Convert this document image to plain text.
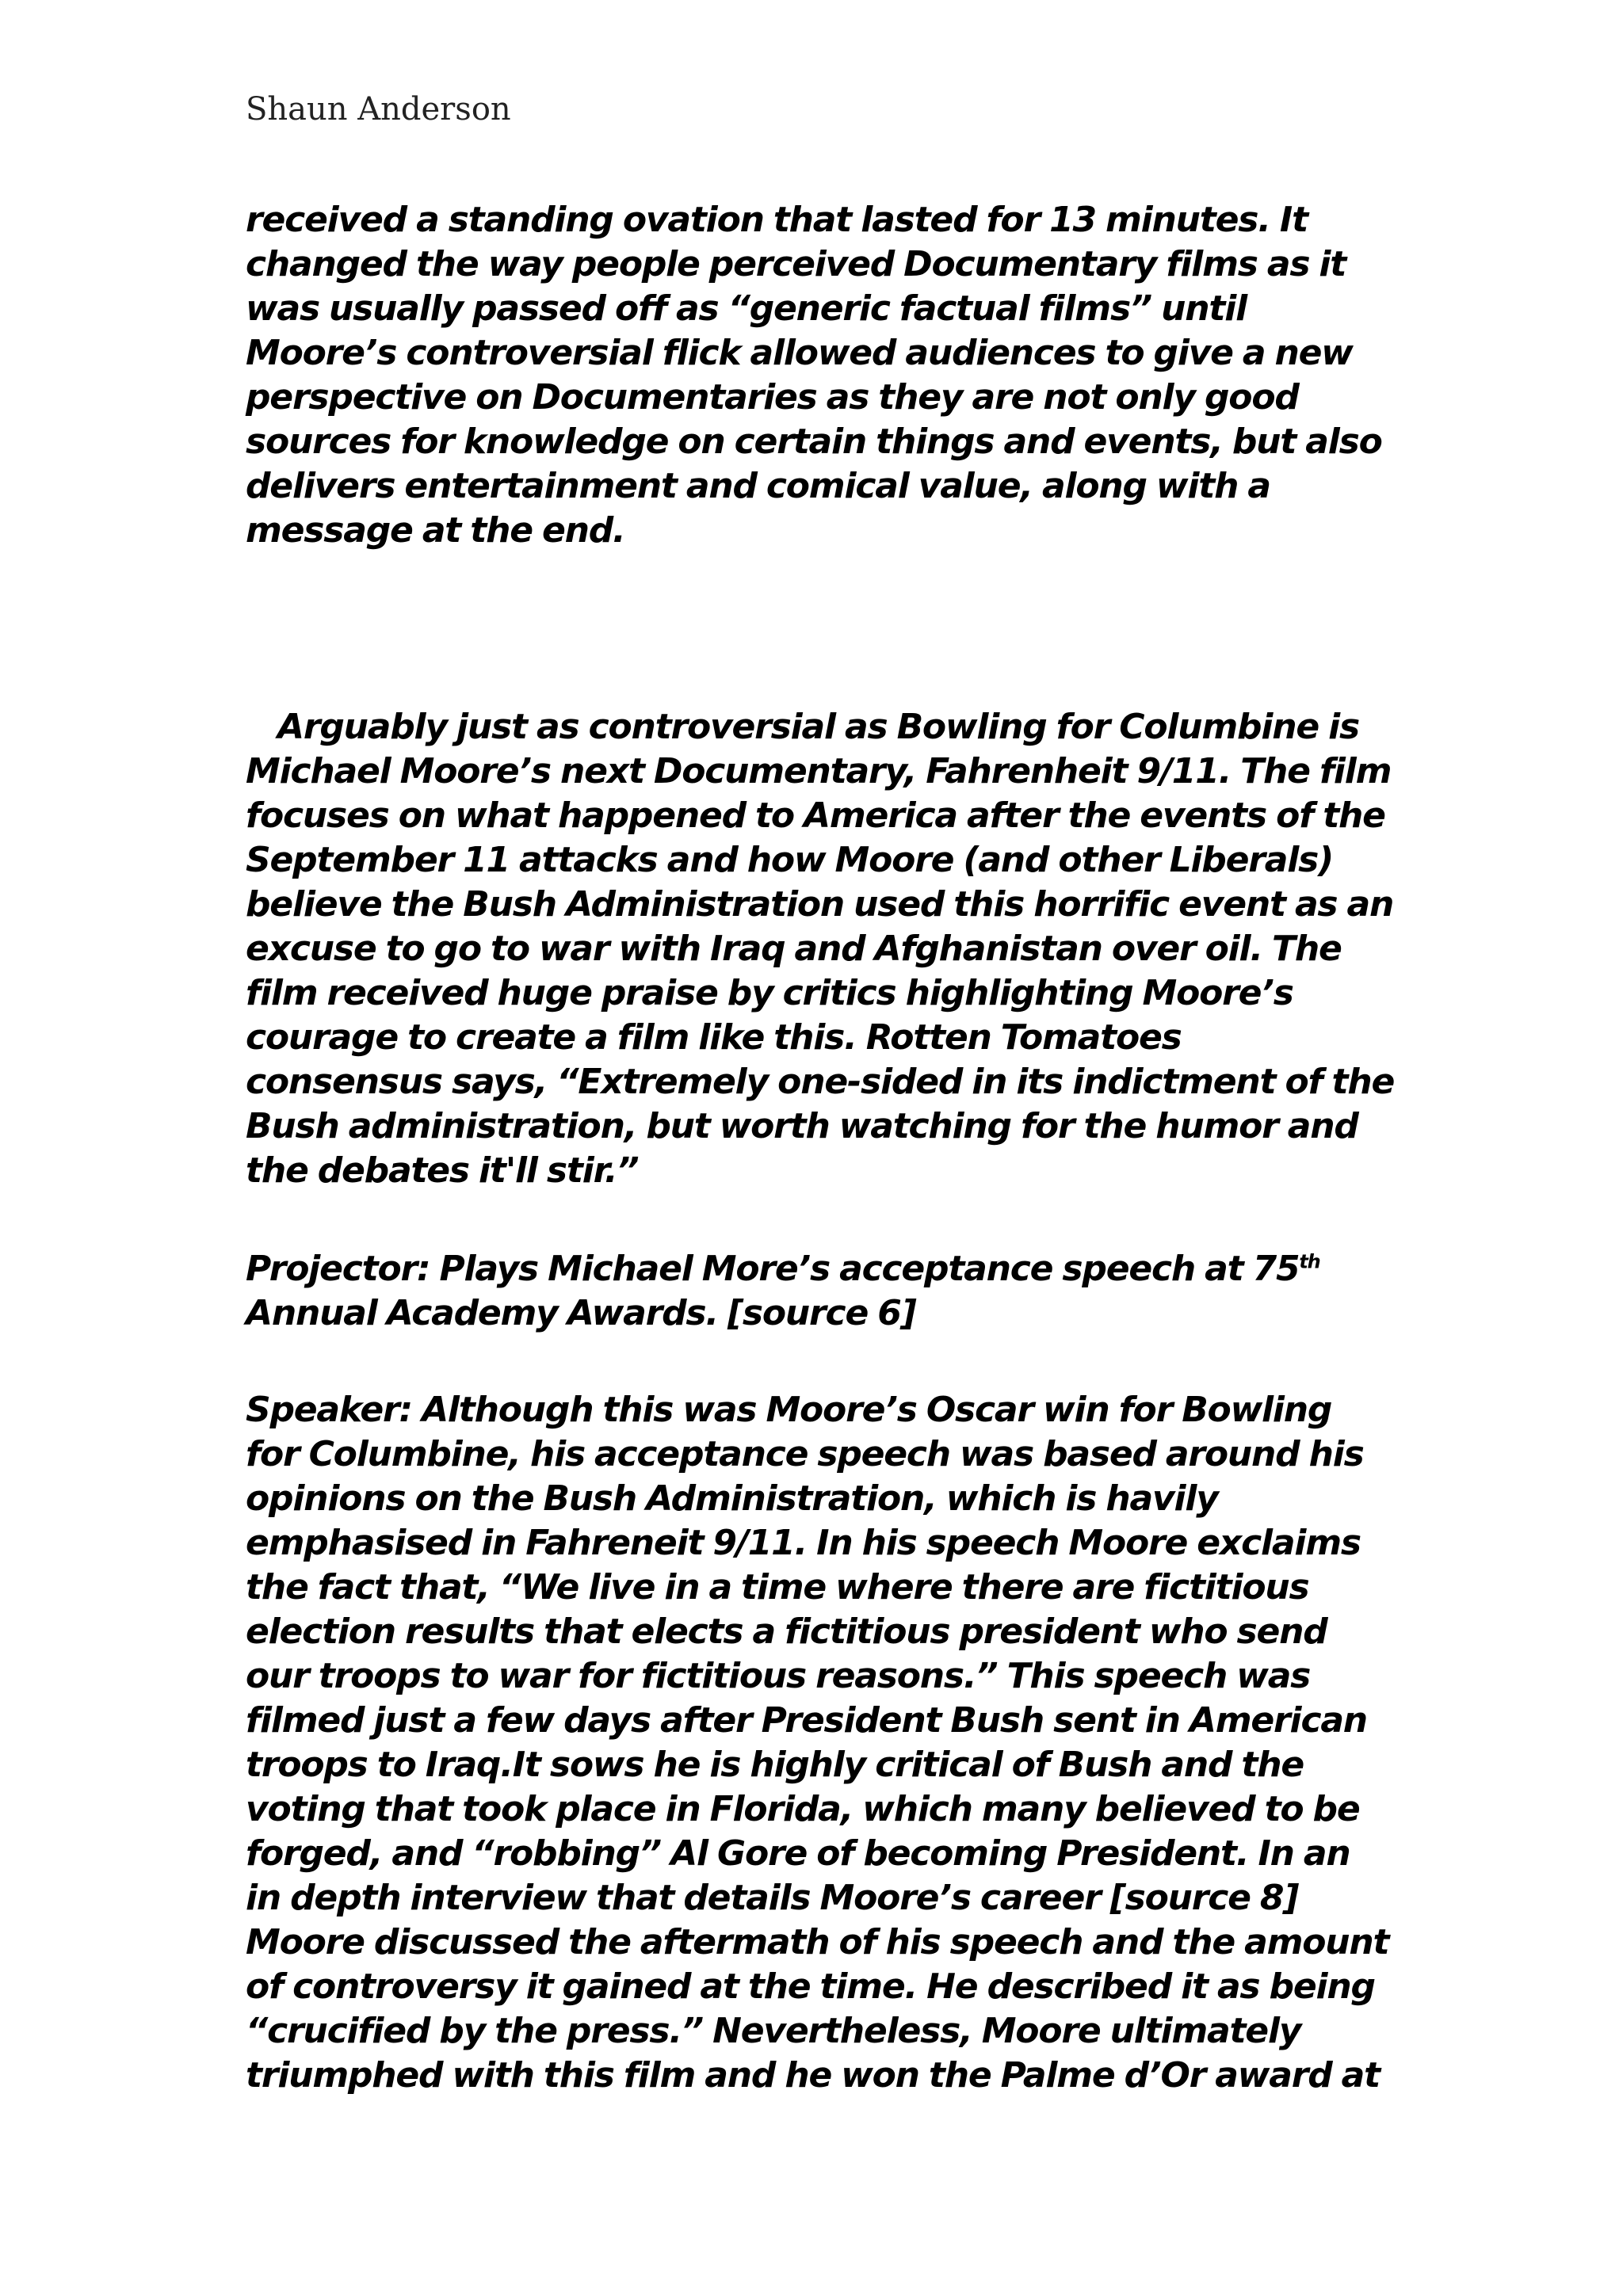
Shaun Anderson
received a standing ovation that lasted for 13 minutes. It
changed the way people perceived Documentary films as it
was usually passed off as “generic factual films” until
Moore’s controversial flick allowed audiences to give a new
perspective on Documentaries as they are not only good
sources for knowledge on certain things and events, but also
delivers entertainment and comical value, along with a
message at the end.
Arguably just as controversial as Bowling for Columbine is
Michael Moore’s next Documentary, Fahrenheit 9/11. The film
focuses on what happened to America after the events of the
September 11 attacks and how Moore (and other Liberals)
believe the Bush Administration used this horrific event as an
excuse to go to war with Iraq and Afghanistan over oil. The
film received huge praise by critics highlighting Moore’s
courage to create a film like this. Rotten Tomatoes
consensus says, “Extremely one-sided in its indictment of the
Bush administration, but worth watching for the humor and
the debates it'll stir.”
Projector: Plays Michael More’s acceptance speech at 75th
Annual Academy Awards. [source 6]
Speaker: Although this was Moore’s Oscar win for Bowling
for Columbine, his acceptance speech was based around his
opinions on the Bush Administration, which is havily
emphasised in Fahreneit 9/11. In his speech Moore exclaims
the fact that, “We live in a time where there are fictitious
election results that elects a fictitious president who send
our troops to war for fictitious reasons.” This speech was
filmed just a few days after President Bush sent in American
troops to Iraq.It sows he is highly critical of Bush and the
voting that took place in Florida, which many believed to be
forged, and “robbing” Al Gore of becoming President. In an
in depth interview that details Moore’s career [source 8]
Moore discussed the aftermath of his speech and the amount
of controversy it gained at the time. He described it as being
“crucified by the press.” Nevertheless, Moore ultimately
triumphed with this film and he won the Palme d’Or award at
